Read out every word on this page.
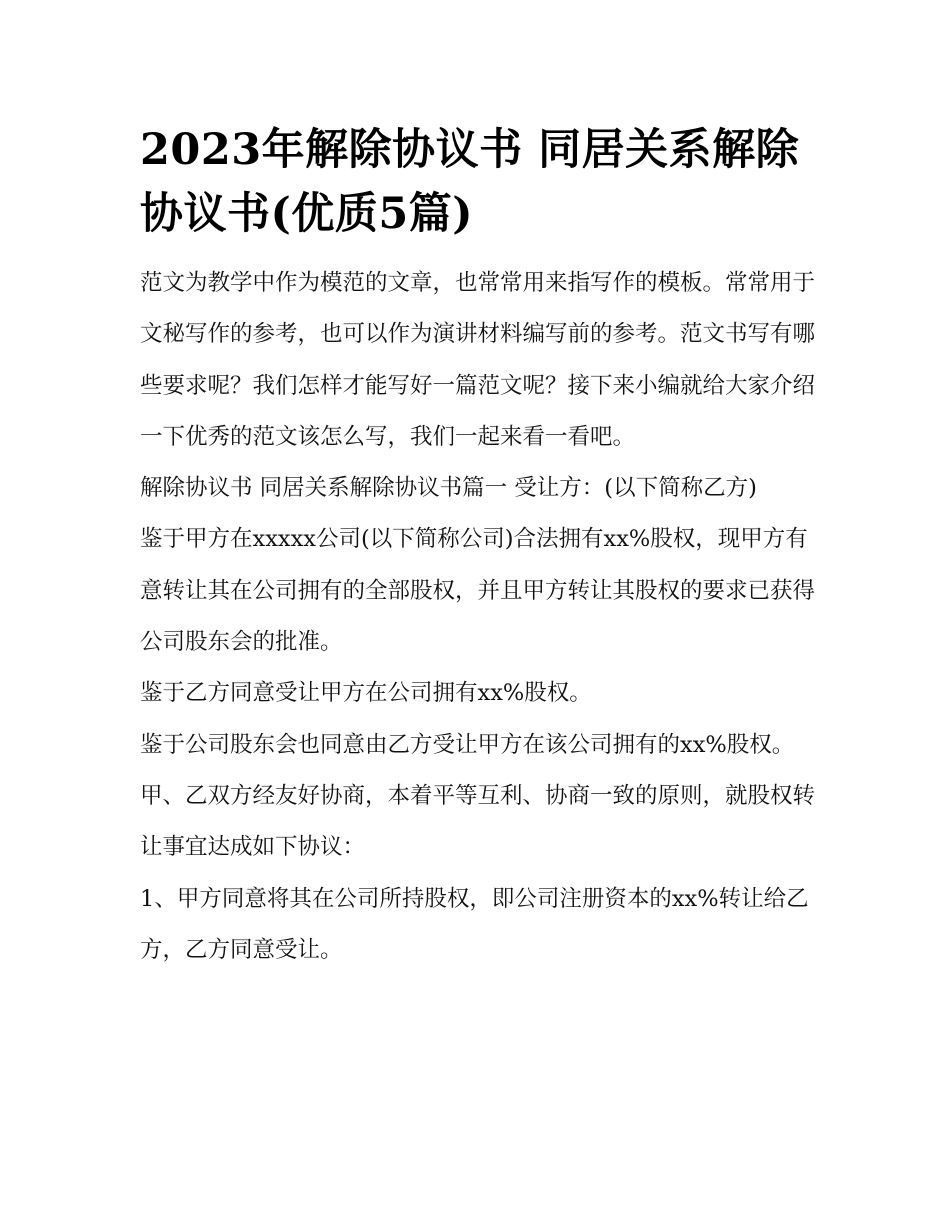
2023年解除协议书 同居关系解除协议书(优质5篇)

范文为教学中作为模范的文章，也常常用来指写作的模板。常常用于文秘写作的参考，也可以作为演讲材料编写前的参考。范文书写有哪些要求呢？我们怎样才能写好一篇范文呢？接下来小编就给大家介绍一下优秀的范文该怎么写，我们一起来看一看吧。

解除协议书 同居关系解除协议书篇一 受让方：(以下简称乙方)

鉴于甲方在xxxxx公司(以下简称公司)合法拥有xx%股权，现甲方有意转让其在公司拥有的全部股权，并且甲方转让其股权的要求已获得公司股东会的批准。

鉴于乙方同意受让甲方在公司拥有xx%股权。

鉴于公司股东会也同意由乙方受让甲方在该公司拥有的xx%股权。甲、乙双方经友好协商，本着平等互利、协商一致的原则，就股权转让事宜达成如下协议：

1、甲方同意将其在公司所持股权，即公司注册资本的xx%转让给乙方，乙方同意受让。
